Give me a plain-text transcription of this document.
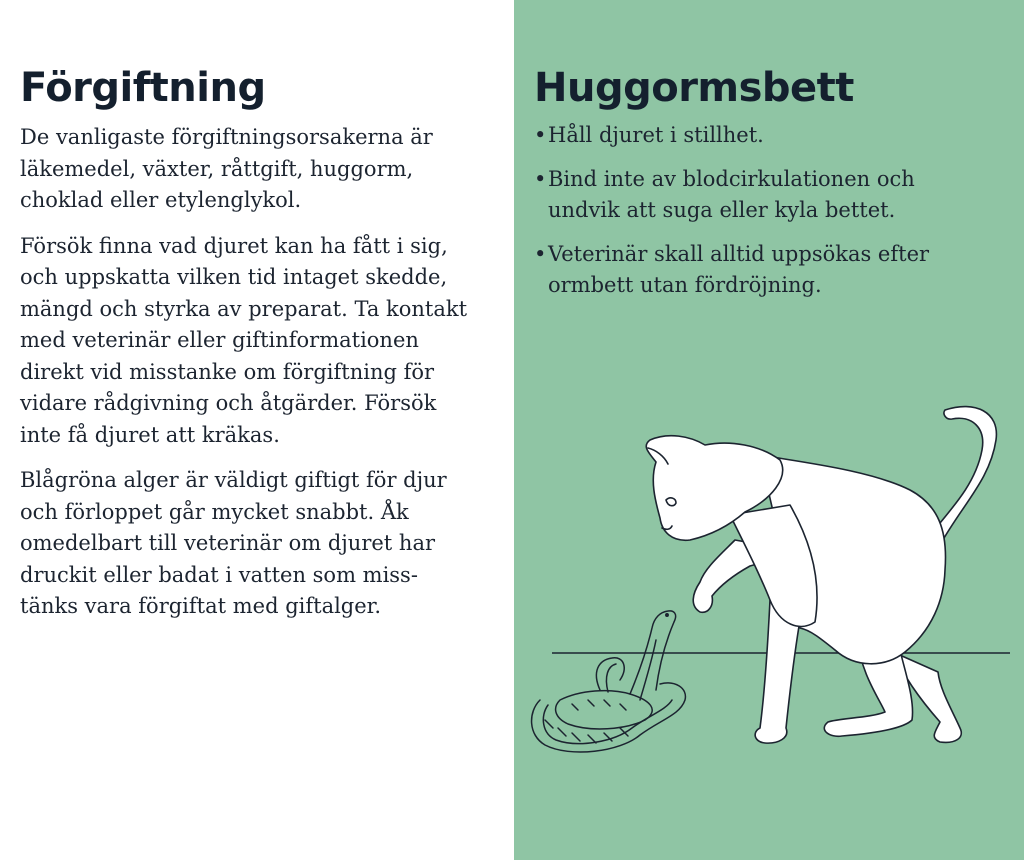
Förgiftning

De vanligaste förgiftningsorsakerna är
läkemedel, växter, råttgift, huggorm,
choklad eller etylenglykol.

Försök finna vad djuret kan ha fått i sig,
och uppskatta vilken tid intaget skedde,
mängd och styrka av preparat. Ta kontakt
med veterinär eller giftinformationen
direkt vid misstanke om förgiftning för
vidare rådgivning och åtgärder. Försök
inte få djuret att kräkas.

Blågröna alger är väldigt giftigt för djur
och förloppet går mycket snabbt. Åk
omedelbart till veterinär om djuret har
druckit eller badat i vatten som miss-
tänks vara förgiftat med giftalger.

Huggormsbett
• Håll djuret i stillhet.
• Bind inte av blodcirkulationen och
undvik att suga eller kyla bettet.
• Veterinär skall alltid uppsökas efter
ormbett utan fördröjning.
